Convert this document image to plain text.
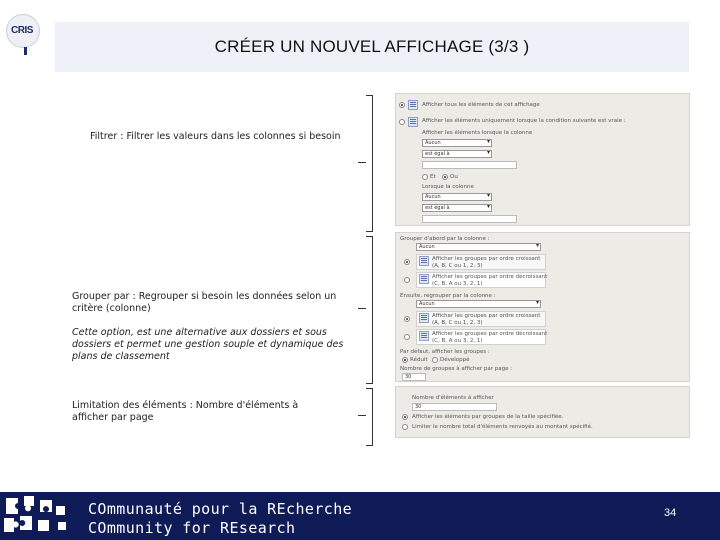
CRIS
CRÉER UN NOUVEL AFFICHAGE (3/3 )
Filtrer : Filtrer les valeurs dans les colonnes si besoin
Grouper par : Regrouper si besoin les données selon un
critère (colonne)
Cette option, est une alternative aux dossiers et sous
dossiers et permet une gestion souple et dynamique des
plans de classement
Limitation des éléments : Nombre d'éléments à
afficher par page
Afficher tous les éléments de cet affichage
Afficher les éléments uniquement lorsque la condition suivante est vraie :
Afficher les éléments lorsque la colonne
Aucun ▾
est égal à ▾
Et	Ou
Lorsque la colonne
Aucun ▾
est égal à ▾
Grouper d'abord par la colonne :
Aucun ▾
Afficher les groupes par ordre croissant
(A, B, C ou 1, 2, 3)
Afficher les groupes par ordre décroissant
(C, B, A ou 3, 2, 1)
Ensuite, regrouper par la colonne :
Aucun ▾
Afficher les groupes par ordre croissant
(A, B, C ou 1, 2, 3)
Afficher les groupes par ordre décroissant
(C, B, A ou 3, 2, 1)
Par défaut, afficher les groupes :
Réduit Développé
Nombre de groupes à afficher par page :
30
Nombre d'éléments à afficher
30
Afficher les éléments par groupes de la taille spécifiée.
Limiter le nombre total d'éléments renvoyés au montant spécifié.
COmmunauté pour la REcherche
COmmunity for REsearch
34
